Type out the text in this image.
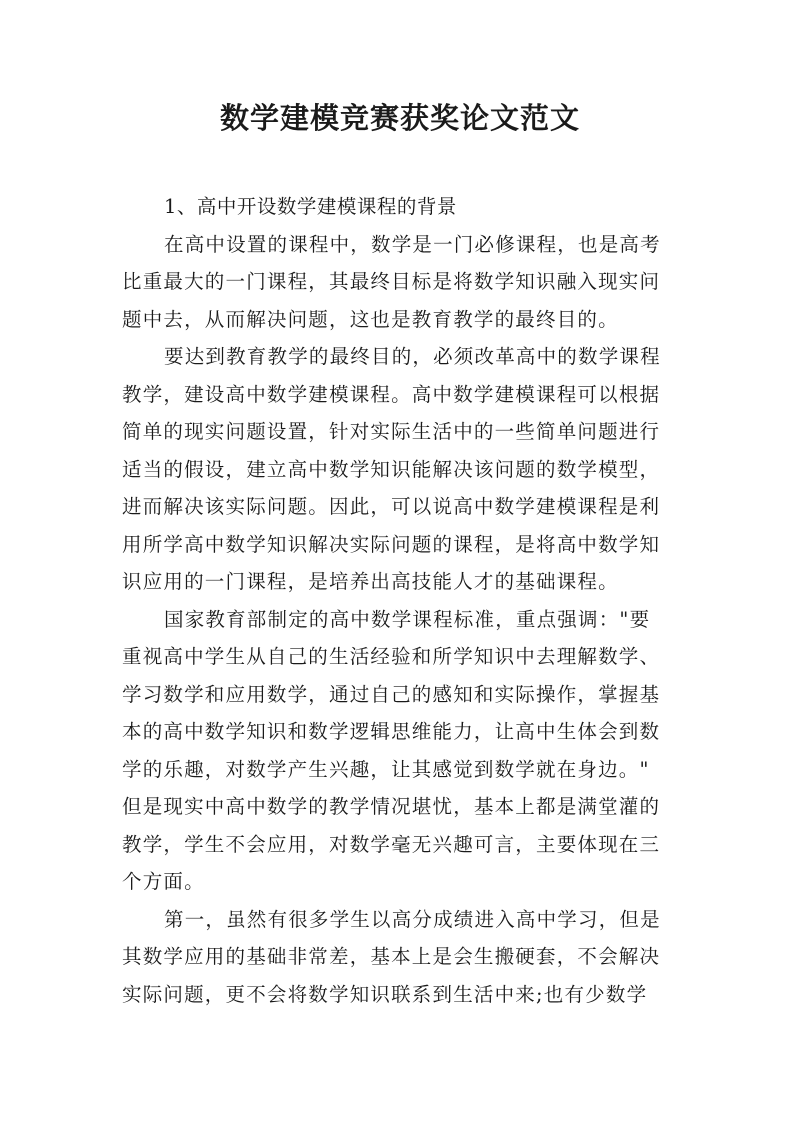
数学建模竞赛获奖论文范文

1、高中开设数学建模课程的背景

在高中设置的课程中，数学是一门必修课程，也是高考
比重最大的一门课程，其最终目标是将数学知识融入现实问
题中去，从而解决问题，这也是教育教学的最终目的。
要达到教育教学的最终目的，必须改革高中的数学课程
教学，建设高中数学建模课程。高中数学建模课程可以根据
简单的现实问题设置，针对实际生活中的一些简单问题进行
适当的假设，建立高中数学知识能解决该问题的数学模型，
进而解决该实际问题。因此，可以说高中数学建模课程是利
用所学高中数学知识解决实际问题的课程，是将高中数学知
识应用的一门课程，是培养出高技能人才的基础课程。
国家教育部制定的高中数学课程标准，重点强调："要
重视高中学生从自己的生活经验和所学知识中去理解数学、
学习数学和应用数学，通过自己的感知和实际操作，掌握基
本的高中数学知识和数学逻辑思维能力，让高中生体会到数
学的乐趣，对数学产生兴趣，让其感觉到数学就在身边。"
但是现实中高中数学的教学情况堪忧，基本上都是满堂灌的
教学，学生不会应用，对数学毫无兴趣可言，主要体现在三
个方面。
第一，虽然有很多学生以高分成绩进入高中学习，但是
其数学应用的基础非常差，基本上是会生搬硬套，不会解决
实际问题，更不会将数学知识联系到生活中来;也有少数学
